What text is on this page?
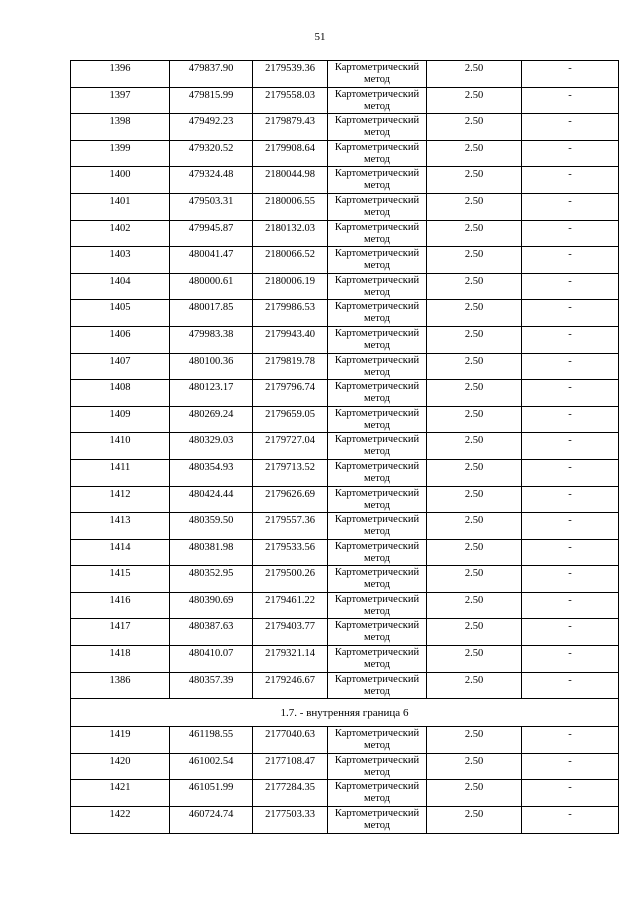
51
1396	479837.90	2179539.36	Картометрический метод	2.50	-
1397	479815.99	2179558.03	Картометрический метод	2.50	-
1398	479492.23	2179879.43	Картометрический метод	2.50	-
1399	479320.52	2179908.64	Картометрический метод	2.50	-
1400	479324.48	2180044.98	Картометрический метод	2.50	-
1401	479503.31	2180006.55	Картометрический метод	2.50	-
1402	479945.87	2180132.03	Картометрический метод	2.50	-
1403	480041.47	2180066.52	Картометрический метод	2.50	-
1404	480000.61	2180006.19	Картометрический метод	2.50	-
1405	480017.85	2179986.53	Картометрический метод	2.50	-
1406	479983.38	2179943.40	Картометрический метод	2.50	-
1407	480100.36	2179819.78	Картометрический метод	2.50	-
1408	480123.17	2179796.74	Картометрический метод	2.50	-
1409	480269.24	2179659.05	Картометрический метод	2.50	-
1410	480329.03	2179727.04	Картометрический метод	2.50	-
1411	480354.93	2179713.52	Картометрический метод	2.50	-
1412	480424.44	2179626.69	Картометрический метод	2.50	-
1413	480359.50	2179557.36	Картометрический метод	2.50	-
1414	480381.98	2179533.56	Картометрический метод	2.50	-
1415	480352.95	2179500.26	Картометрический метод	2.50	-
1416	480390.69	2179461.22	Картометрический метод	2.50	-
1417	480387.63	2179403.77	Картометрический метод	2.50	-
1418	480410.07	2179321.14	Картометрический метод	2.50	-
1386	480357.39	2179246.67	Картометрический метод	2.50	-
1.7. - внутренняя граница 6					
1419	461198.55	2177040.63	Картометрический метод	2.50	-
1420	461002.54	2177108.47	Картометрический метод	2.50	-
1421	461051.99	2177284.35	Картометрический метод	2.50	-
1422	460724.74	2177503.33	Картометрический метод	2.50	-
